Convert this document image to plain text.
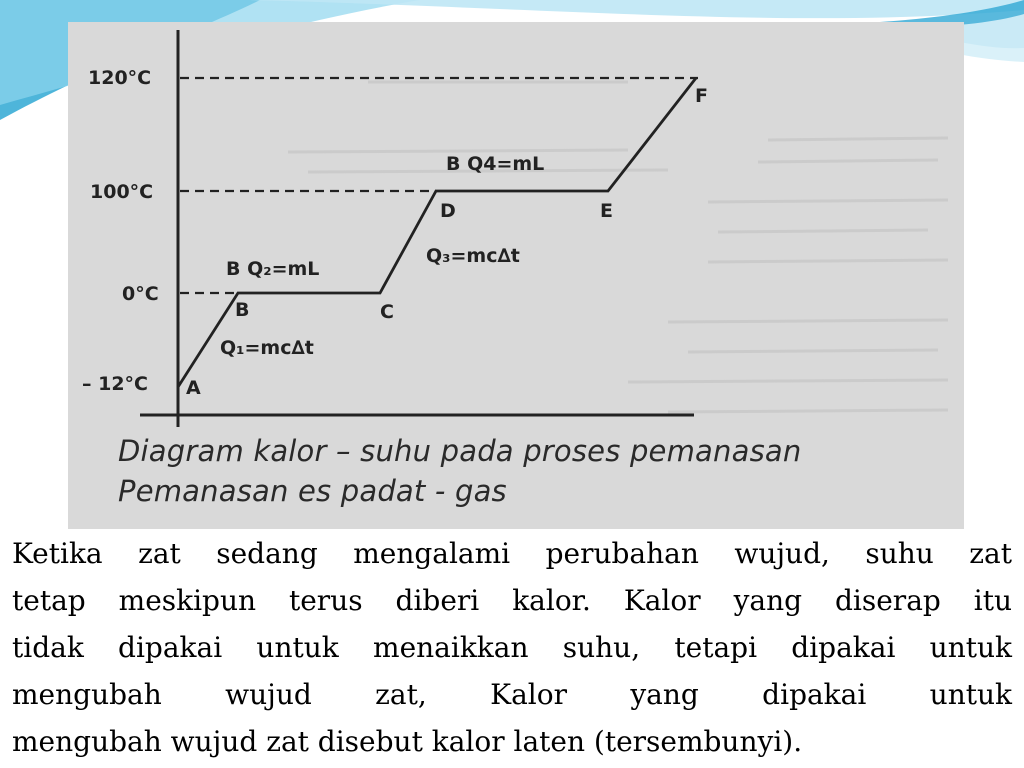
120°C
100°C
0°C
– 12°C A
B	C
D	E
F
Q₁=mc∆t
B Q₂=mL
Q₃=mc∆t
B Q4=mL
Diagram kalor – suhu pada proses pemanasan
Pemanasan es padat - gas
Ketika zat sedang mengalami perubahan wujud, suhu zat
tetap meskipun terus diberi kalor. Kalor yang diserap itu
tidak dipakai untuk menaikkan suhu, tetapi dipakai untuk
mengubah wujud zat, Kalor yang dipakai untuk
mengubah wujud zat disebut kalor laten (tersembunyi).
